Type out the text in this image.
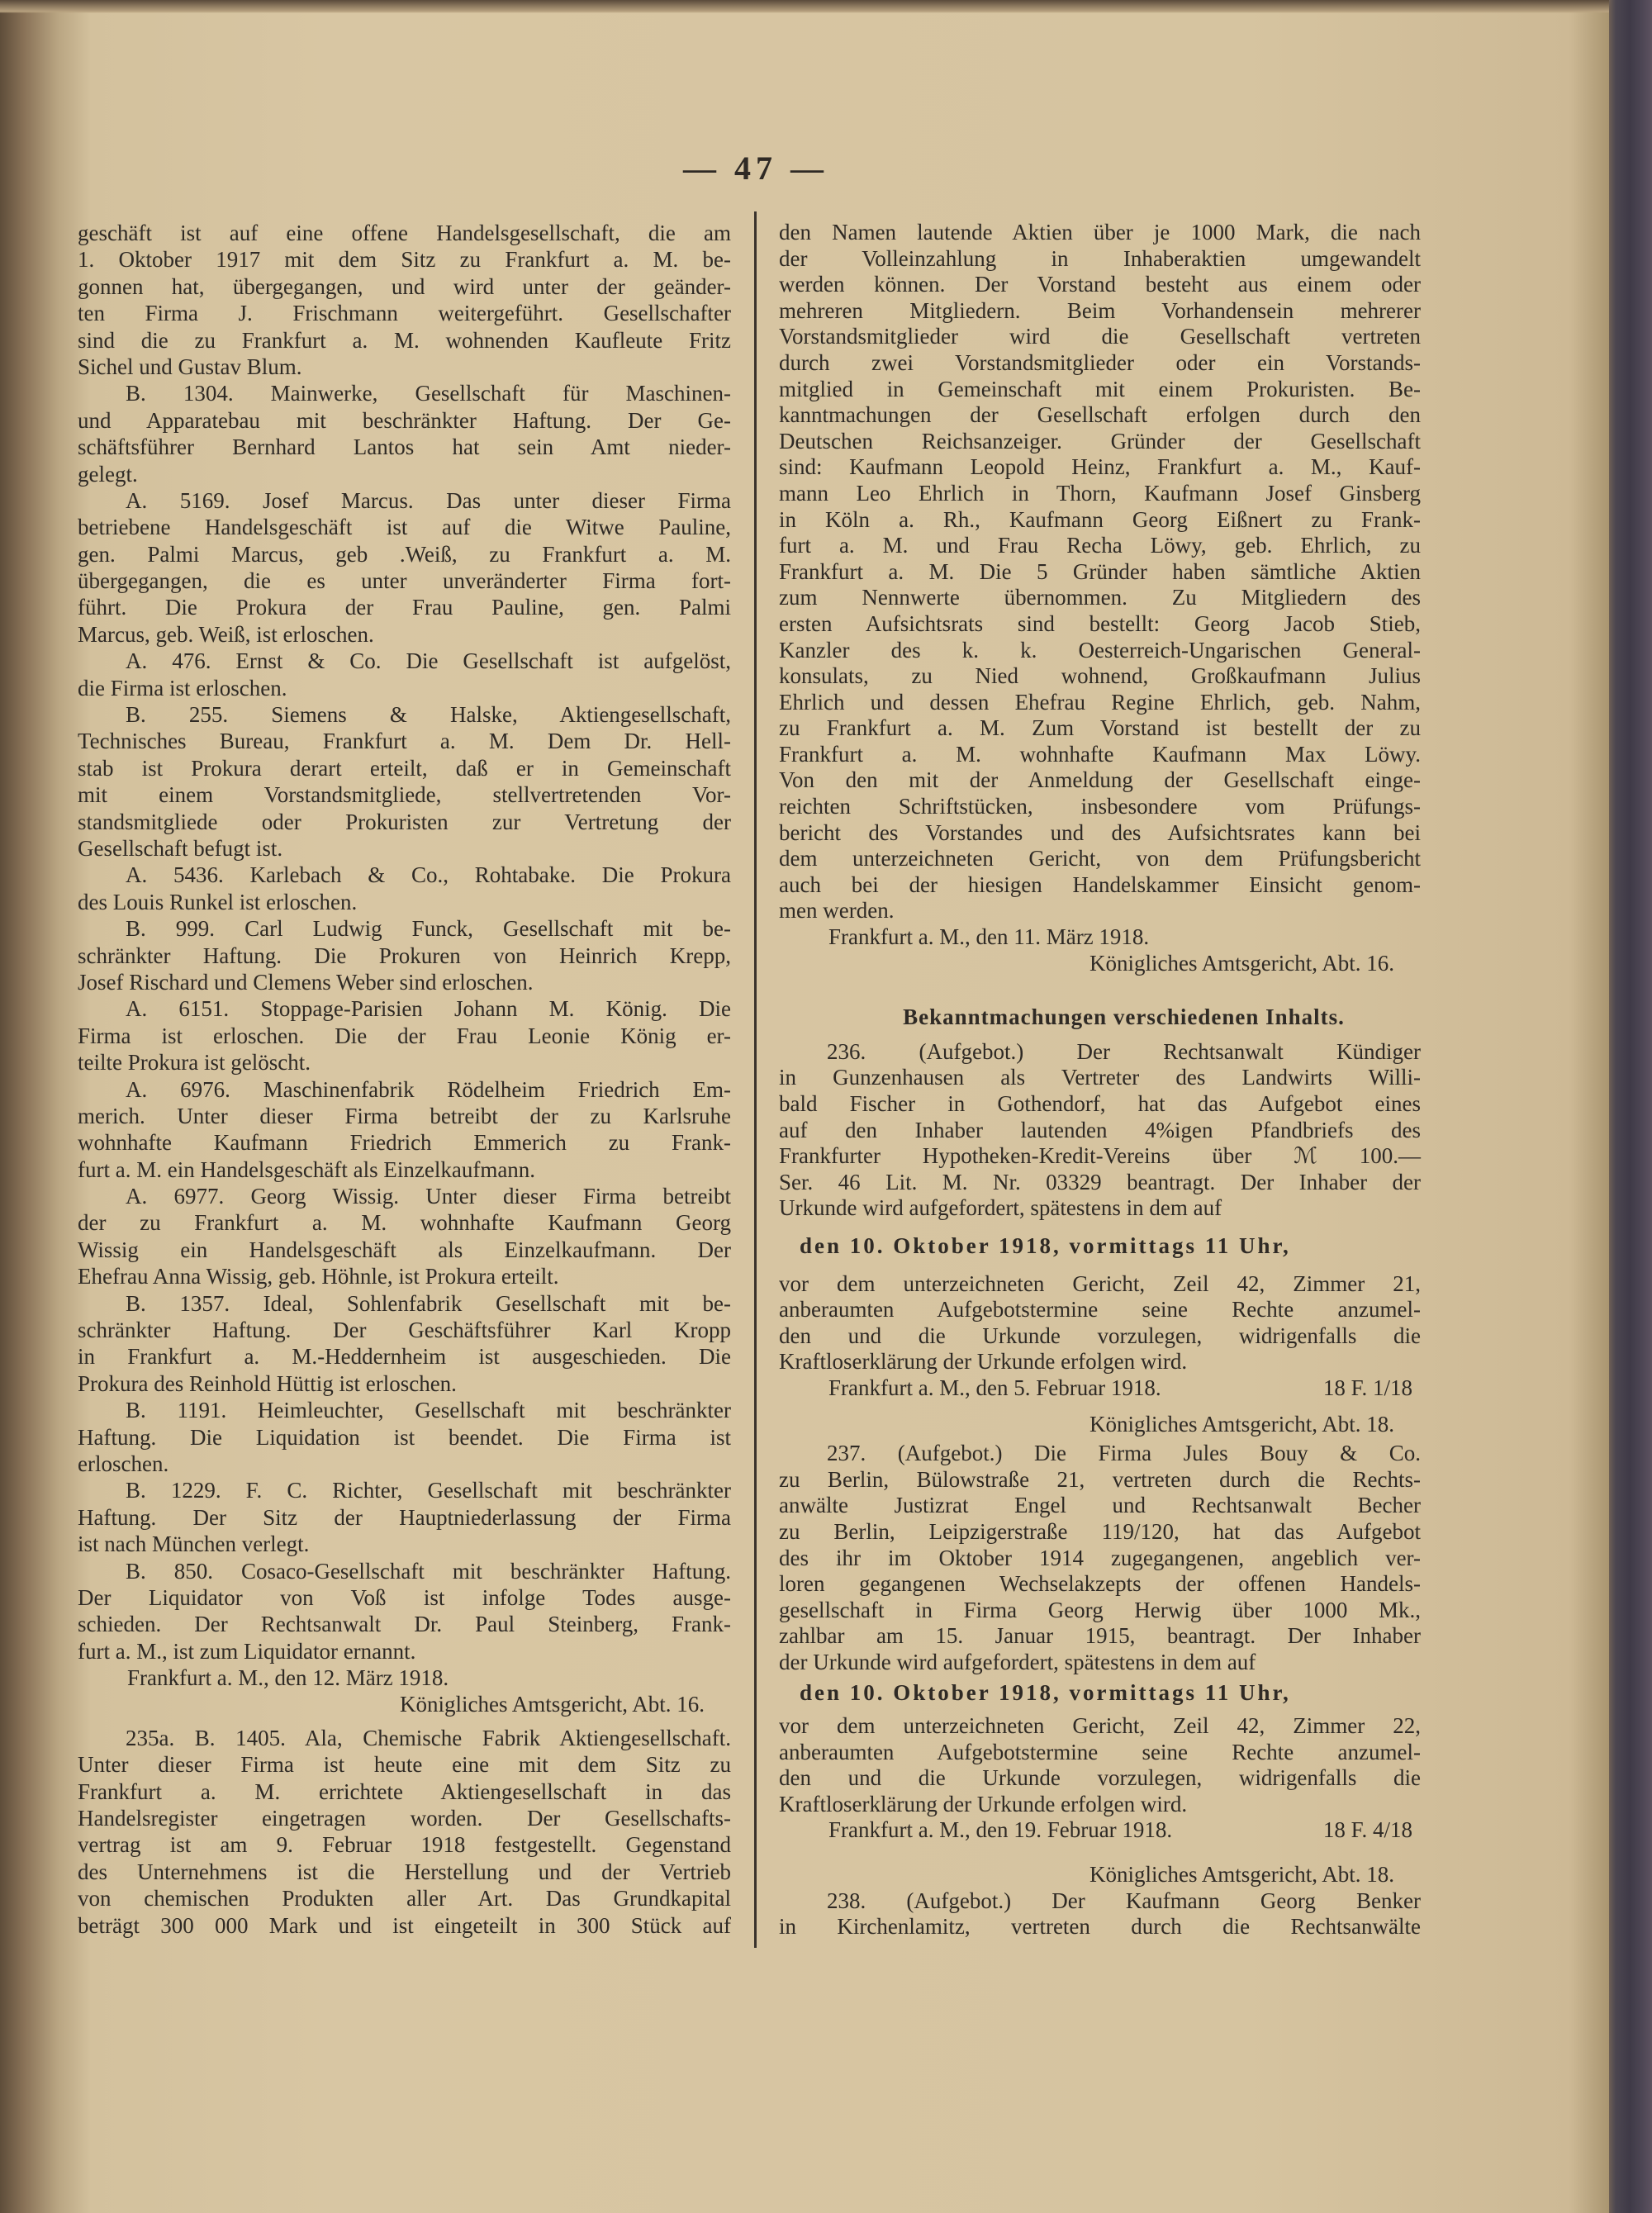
— 47 —
geschäft ist auf eine offene Handelsgesellschaft, die am
1. Oktober 1917 mit dem Sitz zu Frankfurt a. M. be-
gonnen hat, übergegangen, und wird unter der geänder-
ten Firma J. Frischmann weitergeführt. Gesellschafter
sind die zu Frankfurt a. M. wohnenden Kaufleute Fritz
Sichel und Gustav Blum.
B. 1304. Mainwerke, Gesellschaft für Maschinen-
und Apparatebau mit beschränkter Haftung. Der Ge-
schäftsführer Bernhard Lantos hat sein Amt nieder-
gelegt.
A. 5169. Josef Marcus. Das unter dieser Firma
betriebene Handelsgeschäft ist auf die Witwe Pauline,
gen. Palmi Marcus, geb .Weiß, zu Frankfurt a. M.
übergegangen, die es unter unveränderter Firma fort-
führt. Die Prokura der Frau Pauline, gen. Palmi
Marcus, geb. Weiß, ist erloschen.
A. 476. Ernst & Co. Die Gesellschaft ist aufgelöst,
die Firma ist erloschen.
B. 255. Siemens & Halske, Aktiengesellschaft,
Technisches Bureau, Frankfurt a. M. Dem Dr. Hell-
stab ist Prokura derart erteilt, daß er in Gemeinschaft
mit einem Vorstandsmitgliede, stellvertretenden Vor-
standsmitgliede oder Prokuristen zur Vertretung der
Gesellschaft befugt ist.
A. 5436. Karlebach & Co., Rohtabake. Die Prokura
des Louis Runkel ist erloschen.
B. 999. Carl Ludwig Funck, Gesellschaft mit be-
schränkter Haftung. Die Prokuren von Heinrich Krepp,
Josef Rischard und Clemens Weber sind erloschen.
A. 6151. Stoppage-Parisien Johann M. König. Die
Firma ist erloschen. Die der Frau Leonie König er-
teilte Prokura ist gelöscht.
A. 6976. Maschinenfabrik Rödelheim Friedrich Em-
merich. Unter dieser Firma betreibt der zu Karlsruhe
wohnhafte Kaufmann Friedrich Emmerich zu Frank-
furt a. M. ein Handelsgeschäft als Einzelkaufmann.
A. 6977. Georg Wissig. Unter dieser Firma betreibt
der zu Frankfurt a. M. wohnhafte Kaufmann Georg
Wissig ein Handelsgeschäft als Einzelkaufmann. Der
Ehefrau Anna Wissig, geb. Höhnle, ist Prokura erteilt.
B. 1357. Ideal, Sohlenfabrik Gesellschaft mit be-
schränkter Haftung. Der Geschäftsführer Karl Kropp
in Frankfurt a. M.-Heddernheim ist ausgeschieden. Die
Prokura des Reinhold Hüttig ist erloschen.
B. 1191. Heimleuchter, Gesellschaft mit beschränkter
Haftung. Die Liquidation ist beendet. Die Firma ist
erloschen.
B. 1229. F. C. Richter, Gesellschaft mit beschränkter
Haftung. Der Sitz der Hauptniederlassung der Firma
ist nach München verlegt.
B. 850. Cosaco-Gesellschaft mit beschränkter Haftung.
Der Liquidator von Voß ist infolge Todes ausge-
schieden. Der Rechtsanwalt Dr. Paul Steinberg, Frank-
furt a. M., ist zum Liquidator ernannt.
Frankfurt a. M., den 12. März 1918.
Königliches Amtsgericht, Abt. 16.
235a. B. 1405. Ala, Chemische Fabrik Aktiengesellschaft.
Unter dieser Firma ist heute eine mit dem Sitz zu
Frankfurt a. M. errichtete Aktiengesellschaft in das
Handelsregister eingetragen worden. Der Gesellschafts-
vertrag ist am 9. Februar 1918 festgestellt. Gegenstand
des Unternehmens ist die Herstellung und der Vertrieb
von chemischen Produkten aller Art. Das Grundkapital
beträgt 300 000 Mark und ist eingeteilt in 300 Stück auf
den Namen lautende Aktien über je 1000 Mark, die nach
der Volleinzahlung in Inhaberaktien umgewandelt
werden können. Der Vorstand besteht aus einem oder
mehreren Mitgliedern. Beim Vorhandensein mehrerer
Vorstandsmitglieder wird die Gesellschaft vertreten
durch zwei Vorstandsmitglieder oder ein Vorstands-
mitglied in Gemeinschaft mit einem Prokuristen. Be-
kanntmachungen der Gesellschaft erfolgen durch den
Deutschen Reichsanzeiger. Gründer der Gesellschaft
sind: Kaufmann Leopold Heinz, Frankfurt a. M., Kauf-
mann Leo Ehrlich in Thorn, Kaufmann Josef Ginsberg
in Köln a. Rh., Kaufmann Georg Eißnert zu Frank-
furt a. M. und Frau Recha Löwy, geb. Ehrlich, zu
Frankfurt a. M. Die 5 Gründer haben sämtliche Aktien
zum Nennwerte übernommen. Zu Mitgliedern des
ersten Aufsichtsrats sind bestellt: Georg Jacob Stieb,
Kanzler des k. k. Oesterreich-Ungarischen General-
konsulats, zu Nied wohnend, Großkaufmann Julius
Ehrlich und dessen Ehefrau Regine Ehrlich, geb. Nahm,
zu Frankfurt a. M. Zum Vorstand ist bestellt der zu
Frankfurt a. M. wohnhafte Kaufmann Max Löwy.
Von den mit der Anmeldung der Gesellschaft einge-
reichten Schriftstücken, insbesondere vom Prüfungs-
bericht des Vorstandes und des Aufsichtsrates kann bei
dem unterzeichneten Gericht, von dem Prüfungsbericht
auch bei der hiesigen Handelskammer Einsicht genom-
men werden.
Frankfurt a. M., den 11. März 1918.
Königliches Amtsgericht, Abt. 16.
Bekanntmachungen verschiedenen Inhalts.
236. (Aufgebot.) Der Rechtsanwalt Kündiger
in Gunzenhausen als Vertreter des Landwirts Willi-
bald Fischer in Gothendorf, hat das Aufgebot eines
auf den Inhaber lautenden 4%igen Pfandbriefs des
Frankfurter Hypotheken-Kredit-Vereins über ℳ 100.—
Ser. 46 Lit. M. Nr. 03329 beantragt. Der Inhaber der
Urkunde wird aufgefordert, spätestens in dem auf
den 10. Oktober 1918, vormittags 11 Uhr,
vor dem unterzeichneten Gericht, Zeil 42, Zimmer 21,
anberaumten Aufgebotstermine seine Rechte anzumel-
den und die Urkunde vorzulegen, widrigenfalls die
Kraftloserklärung der Urkunde erfolgen wird.
Frankfurt a. M., den 5. Februar 1918.	18 F. 1/18
Königliches Amtsgericht, Abt. 18.
237. (Aufgebot.) Die Firma Jules Bouy & Co.
zu Berlin, Bülowstraße 21, vertreten durch die Rechts-
anwälte Justizrat Engel und Rechtsanwalt Becher
zu Berlin, Leipzigerstraße 119/120, hat das Aufgebot
des ihr im Oktober 1914 zugegangenen, angeblich ver-
loren gegangenen Wechselakzepts der offenen Handels-
gesellschaft in Firma Georg Herwig über 1000 Mk.,
zahlbar am 15. Januar 1915, beantragt. Der Inhaber
der Urkunde wird aufgefordert, spätestens in dem auf
den 10. Oktober 1918, vormittags 11 Uhr,
vor dem unterzeichneten Gericht, Zeil 42, Zimmer 22,
anberaumten Aufgebotstermine seine Rechte anzumel-
den und die Urkunde vorzulegen, widrigenfalls die
Kraftloserklärung der Urkunde erfolgen wird.
Frankfurt a. M., den 19. Februar 1918.	18 F. 4/18
Königliches Amtsgericht, Abt. 18.
238. (Aufgebot.) Der Kaufmann Georg Benker
in Kirchenlamitz, vertreten durch die Rechtsanwälte
